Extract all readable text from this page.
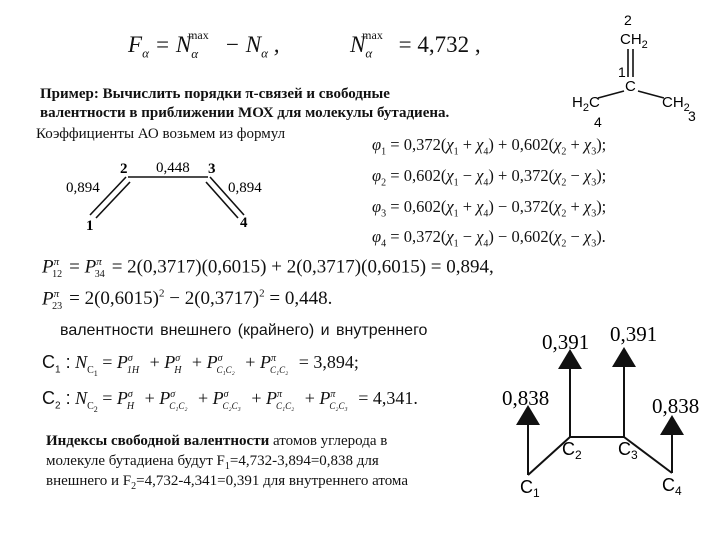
$F_\alpha = N_\alpha^{max} - N_\alpha$ ,	$N_\alpha^{max} = 4,732$ ,
Пример: Вычислить порядки π-связей и свободные
валентности в приближении МОХ для молекулы бутадиена.
Коэффициенты АО возьмем из формул
2
$CH_2$
1
C
$H_2C$	$CH_2$
4	3
2 0,448 3
0,894	0,894
1	4
$\varphi_1 = 0,372(\chi_1 + \chi_4) + 0,602(\chi_2 + \chi_3)$;
$\varphi_2 = 0,602(\chi_1 - \chi_4) + 0,372(\chi_2 - \chi_3)$;
$\varphi_3 = 0,602(\chi_1 + \chi_4) - 0,372(\chi_2 + \chi_3)$;
$\varphi_4 = 0,372(\chi_1 - \chi_4) - 0,602(\chi_2 - \chi_3)$.
$P^\pi_{12} = P^\pi_{34} = 2(0,3717)(0,6015) + 2(0,3717)(0,6015) = 0,894$,
$P^\pi_{23} = 2(0,6015)^2 - 2(0,3717)^2 = 0,448$.
валентности внешнего (крайнего) и внутреннего
$C_1$ : $N_{C_1} = P^\sigma_{1H} + P^\sigma_H + P^\sigma_{C_1C_2} + P^\pi_{C_1C_2} = 3,894$;
$C_2$ : $N_{C_2} = P^\sigma_H + P^\sigma_{C_1C_2} + P^\sigma_{C_2C_3} + P^\pi_{C_1C_2} + P^\pi_{C_2C_3} = 4,341$.
Индексы свободной валентности атомов углерода в
молекуле бутадиена будут $F_1=4,732-3,894=0,838$ для
внешнего и $F_2=4,732-4,341=0,391$ для внутреннего атома
0,391 0,391
0,838	0,838
$C_2$ $C_3$
$C_1$	$C_4$
